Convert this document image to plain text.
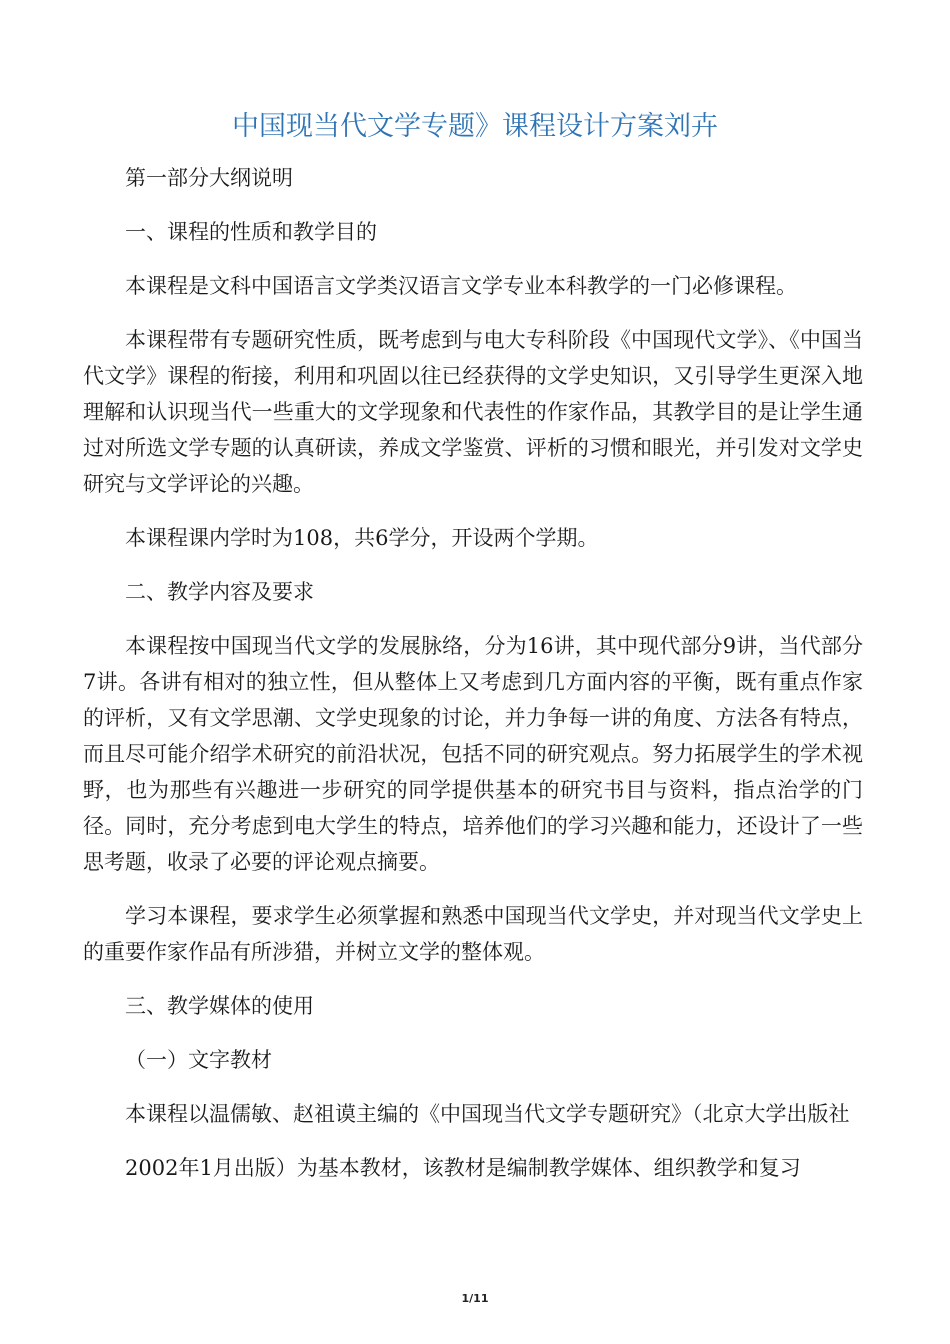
中国现当代文学专题》课程设计方案刘卉

第一部分大纲说明

一、课程的性质和教学目的

本课程是文科中国语言文学类汉语言文学专业本科教学的一门必修课程。

本课程带有专题研究性质，既考虑到与电大专科阶段《中国现代文学》、《中国当代文学》课程的衔接，利用和巩固以往已经获得的文学史知识，又引导学生更深入地理解和认识现当代一些重大的文学现象和代表性的作家作品，其教学目的是让学生通过对所选文学专题的认真研读，养成文学鉴赏、评析的习惯和眼光，并引发对文学史研究与文学评论的兴趣。

本课程课内学时为108，共6学分，开设两个学期。

二、教学内容及要求

本课程按中国现当代文学的发展脉络，分为16讲，其中现代部分9讲，当代部分7讲。各讲有相对的独立性，但从整体上又考虑到几方面内容的平衡，既有重点作家的评析，又有文学思潮、文学史现象的讨论，并力争每一讲的角度、方法各有特点，而且尽可能介绍学术研究的前沿状况，包括不同的研究观点。努力拓展学生的学术视野，也为那些有兴趣进一步研究的同学提供基本的研究书目与资料，指点治学的门径。同时，充分考虑到电大学生的特点，培养他们的学习兴趣和能力，还设计了一些思考题，收录了必要的评论观点摘要。

学习本课程，要求学生必须掌握和熟悉中国现当代文学史，并对现当代文学史上的重要作家作品有所涉猎，并树立文学的整体观。

三、教学媒体的使用

（一）文字教材

本课程以温儒敏、赵祖谟主编的《中国现当代文学专题研究》（北京大学出版社

2002年1月出版）为基本教材，该教材是编制教学媒体、组织教学和复习

1/11
